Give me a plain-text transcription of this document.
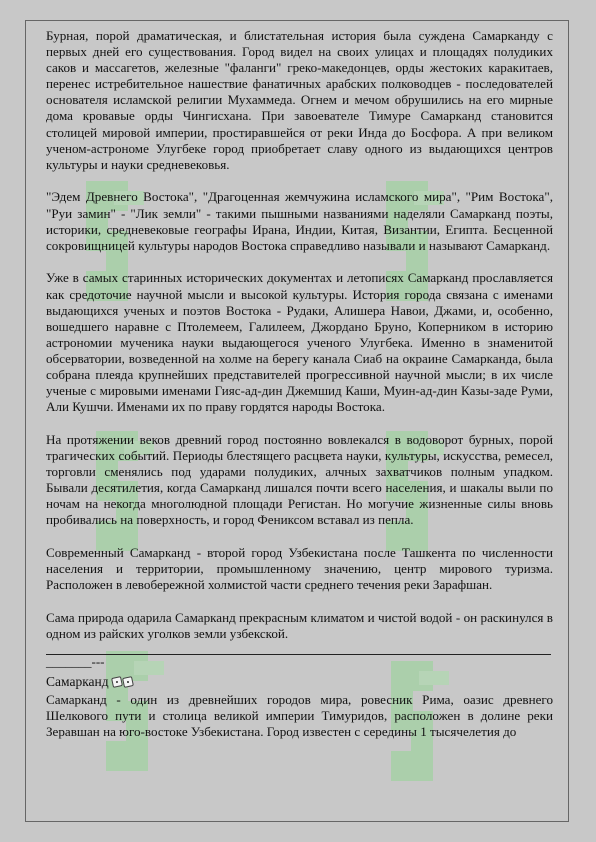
Бурная, порой драматическая, и блистательная история была суждена Самарканду с первых дней его существования. Город видел на своих улицах и площадях полудиких саков и массагетов, железные "фаланги" греко-македонцев, орды жестоких каракитаев, перенес истребительное нашествие фанатичных арабских полководцев - последователей основателя исламской религии Мухаммеда. Огнем и мечом обрушились на его мирные дома кровавые орды Чингисхана. При завоевателе Тимуре Самарканд становится столицей мировой империи, простиравшейся от реки Инда до Босфора. А при великом ученом-астрономе Улугбеке город приобретает славу одного из выдающихся центров культуры и науки средневековья.

"Эдем Древнего Востока", "Драгоценная жемчужина исламского мира", "Рим Востока", "Руи замин" - "Лик земли" - такими пышными названиями наделяли Самарканд поэты, историки, средневековые географы Ирана, Индии, Китая, Византии, Египта. Бесценной сокровищницей культуры народов Востока справедливо называли и называют Самарканд.

Уже в самых старинных исторических документах и летописях Самарканд прославляется как средоточие научной мысли и высокой культуры. История города связана с именами выдающихся ученых и поэтов Востока - Рудаки, Алишера Навои, Джами, и, особенно, вошедшего наравне с Птолемеем, Галилеем, Джордано Бруно, Коперником в историю астрономии мученика науки выдающегося ученого Улугбека. Именно в знаменитой обсерватории, возведенной на холме на берегу канала Сиаб на окраине Самарканда, была собрана плеяда крупнейших представителей прогрессивной научной мысли; в их числе ученые с мировыми именами Гияс-ад-дин Джемшид Каши, Муин-ад-дин Казы-заде Руми, Али Кушчи. Именами их по праву гордятся народы Востока.

На протяжении веков древний город постоянно вовлекался в водоворот бурных, порой трагических событий. Периоды блестящего расцвета науки, культуры, искусства, ремесел, торговли сменялись под ударами полудиких, алчных захватчиков полным упадком. Бывали десятилетия, когда Самарканд лишался почти всего населения, и шакалы выли по ночам на некогда многолюдной площади Регистан. Но могучие жизненные силы вновь пробивались на поверхность, и город Фениксом вставал из пепла.

Современный Самарканд - второй город Узбекистана после Ташкента по численности населения и территории, промышленному значению, центр мирового туризма. Расположен в левобережной холмистой части среднего течения реки Зарафшан.

Сама природа одарила Самарканд прекрасным климатом и чистой водой - он раскинулся в одном из райских уголков земли узбекской.

_______---
Самарканд

Самарканд - один из древнейших городов мира, ровесник Рима, оазис древнего Шелкового пути и столица великой империи Тимуридов, расположен в долине реки Зеравшан на юго-востоке Узбекистана. Город известен с середины 1 тысячелетия до
